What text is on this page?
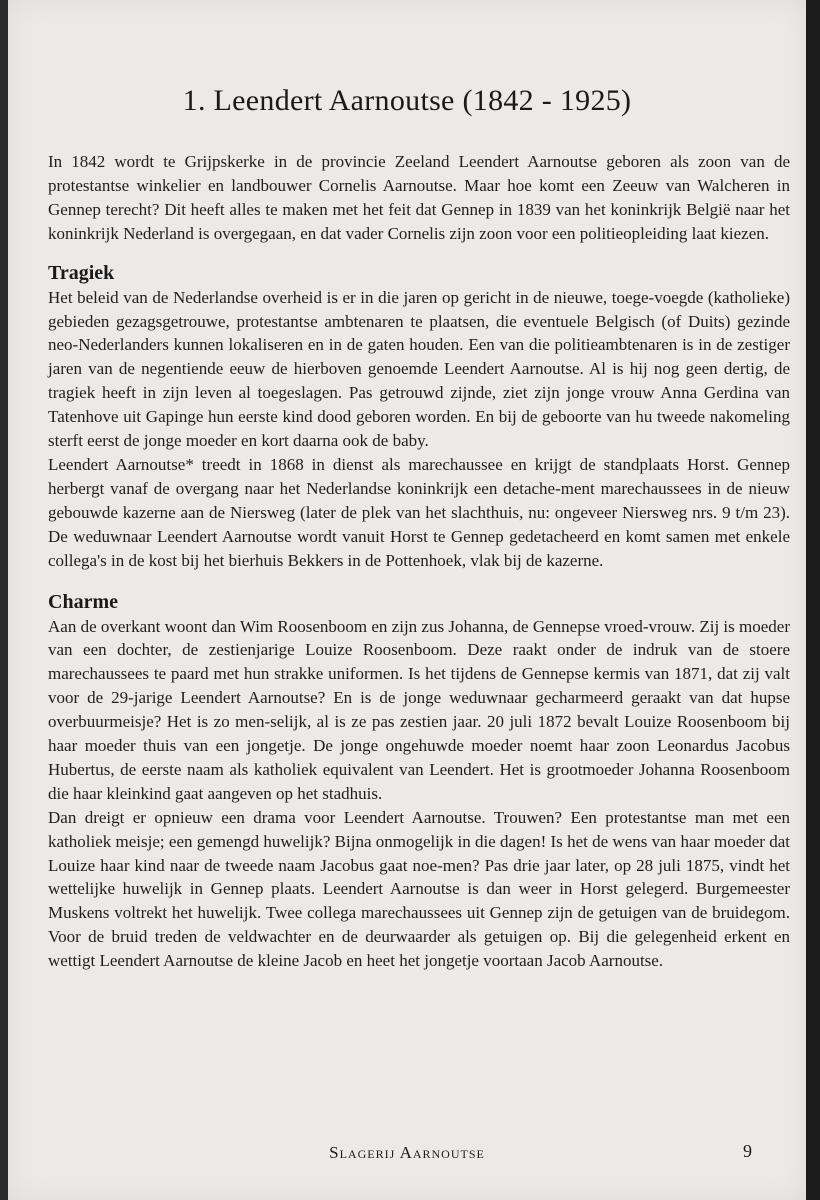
1. Leendert Aarnoutse (1842 - 1925)

In 1842 wordt te Grijpskerke in de provincie Zeeland Leendert Aarnoutse geboren als zoon van de protestantse winkelier en landbouwer Cornelis Aarnoutse. Maar hoe komt een Zeeuw van Walcheren in Gennep terecht? Dit heeft alles te maken met het feit dat Gennep in 1839 van het koninkrijk België naar het koninkrijk Nederland is overgegaan, en dat vader Cornelis zijn zoon voor een politieopleiding laat kiezen.

Tragiek

Het beleid van de Nederlandse overheid is er in die jaren op gericht in de nieuwe, toege-voegde (katholieke) gebieden gezagsgetrouwe, protestantse ambtenaren te plaatsen, die eventuele Belgisch (of Duits) gezinde neo-Nederlanders kunnen lokaliseren en in de gaten houden. Een van die politieambtenaren is in de zestiger jaren van de negentiende eeuw de hierboven genoemde Leendert Aarnoutse. Al is hij nog geen dertig, de tragiek heeft in zijn leven al toegeslagen. Pas getrouwd zijnde, ziet zijn jonge vrouw Anna Gerdina van Tatenhove uit Gapinge hun eerste kind dood geboren worden. En bij de geboorte van hu tweede nakomeling sterft eerst de jonge moeder en kort daarna ook de baby.

Leendert Aarnoutse* treedt in 1868 in dienst als marechaussee en krijgt de standplaats Horst. Gennep herbergt vanaf de overgang naar het Nederlandse koninkrijk een detache-ment marechaussees in de nieuw gebouwde kazerne aan de Niersweg (later de plek van het slachthuis, nu: ongeveer Niersweg nrs. 9 t/m 23). De weduwnaar Leendert Aarnoutse wordt vanuit Horst te Gennep gedetacheerd en komt samen met enkele collega's in de kost bij het bierhuis Bekkers in de Pottenhoek, vlak bij de kazerne.

Charme

Aan de overkant woont dan Wim Roosenboom en zijn zus Johanna, de Gennepse vroed-vrouw. Zij is moeder van een dochter, de zestienjarige Louize Roosenboom. Deze raakt onder de indruk van de stoere marechaussees te paard met hun strakke uniformen. Is het tijdens de Gennepse kermis van 1871, dat zij valt voor de 29-jarige Leendert Aarnoutse? En is de jonge weduwnaar gecharmeerd geraakt van dat hupse overbuurmeisje? Het is zo men-selijk, al is ze pas zestien jaar. 20 juli 1872 bevalt Louize Roosenboom bij haar moeder thuis van een jongetje. De jonge ongehuwde moeder noemt haar zoon Leonardus Jacobus Hubertus, de eerste naam als katholiek equivalent van Leendert. Het is grootmoeder Johanna Roosenboom die haar kleinkind gaat aangeven op het stadhuis.

Dan dreigt er opnieuw een drama voor Leendert Aarnoutse. Trouwen? Een protestantse man met een katholiek meisje; een gemengd huwelijk? Bijna onmogelijk in die dagen! Is het de wens van haar moeder dat Louize haar kind naar de tweede naam Jacobus gaat noe-men? Pas drie jaar later, op 28 juli 1875, vindt het wettelijke huwelijk in Gennep plaats. Leendert Aarnoutse is dan weer in Horst gelegerd. Burgemeester Muskens voltrekt het huwelijk. Twee collega marechaussees uit Gennep zijn de getuigen van de bruidegom. Voor de bruid treden de veldwachter en de deurwaarder als getuigen op. Bij die gelegenheid erkent en wettigt Leendert Aarnoutse de kleine Jacob en heet het jongetje voortaan Jacob Aarnoutse.

Slagerij Aarnoutse	9
